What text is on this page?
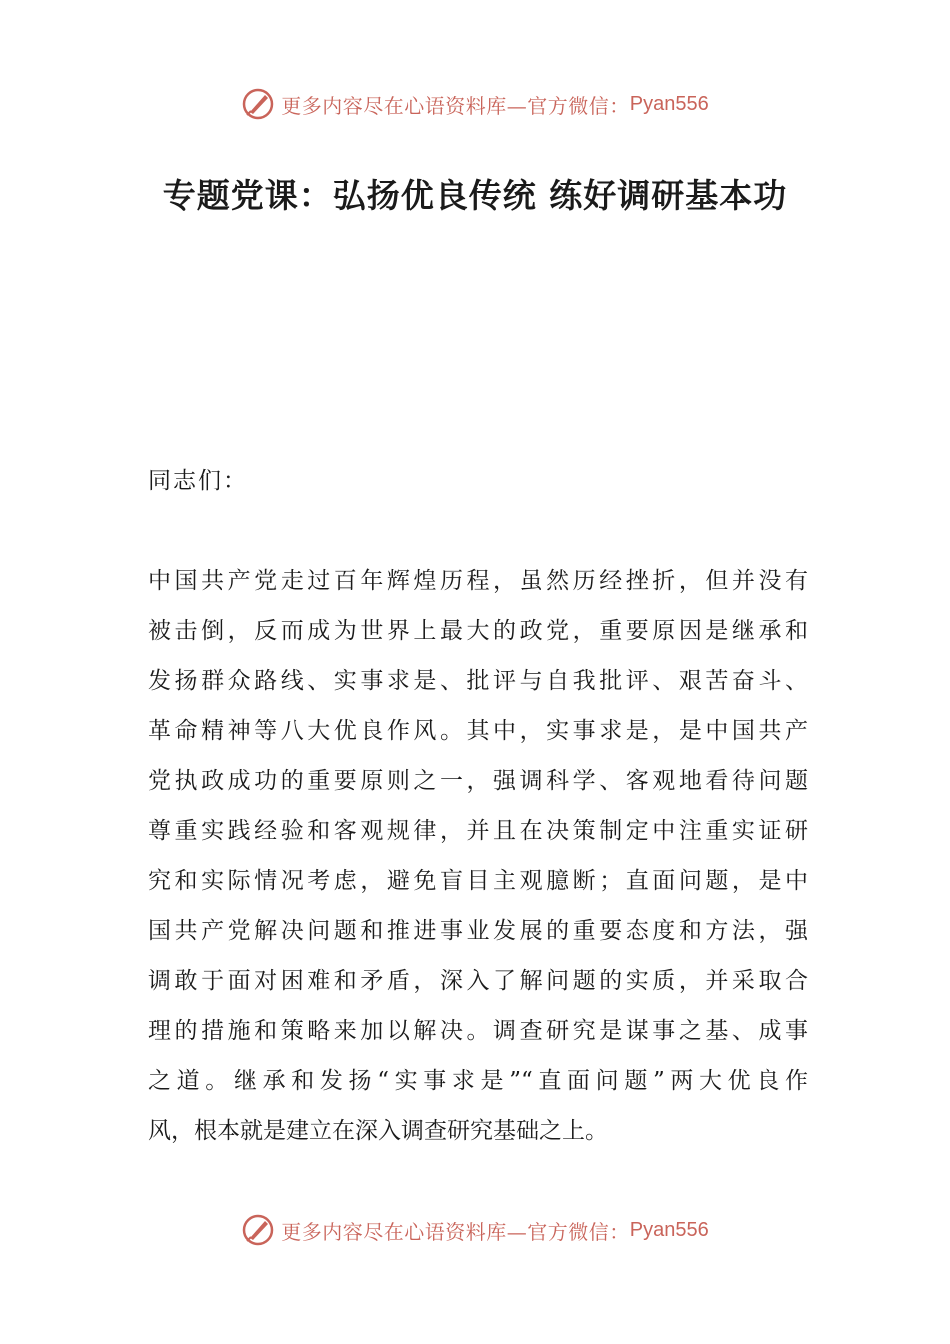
更多内容尽在心语资料库—官方微信： Pyan556
专题党课：弘扬优良传统 练好调研基本功
同志们：
中国共产党走过百年辉煌历程，虽然历经挫折，但并没有
被击倒，反而成为世界上最大的政党，重要原因是继承和
发扬群众路线、实事求是、批评与自我批评、艰苦奋斗、
革命精神等八大优良作风。其中，实事求是，是中国共产
党执政成功的重要原则之一，强调科学、客观地看待问题
尊重实践经验和客观规律，并且在决策制定中注重实证研
究和实际情况考虑，避免盲目主观臆断；直面问题，是中
国共产党解决问题和推进事业发展的重要态度和方法，强
调敢于面对困难和矛盾，深入了解问题的实质，并采取合
理的措施和策略来加以解决。调查研究是谋事之基、成事
之道。继承和发扬“实事求是”“直面问题”两大优良作
风，根本就是建立在深入调查研究基础之上。
更多内容尽在心语资料库—官方微信： Pyan556
